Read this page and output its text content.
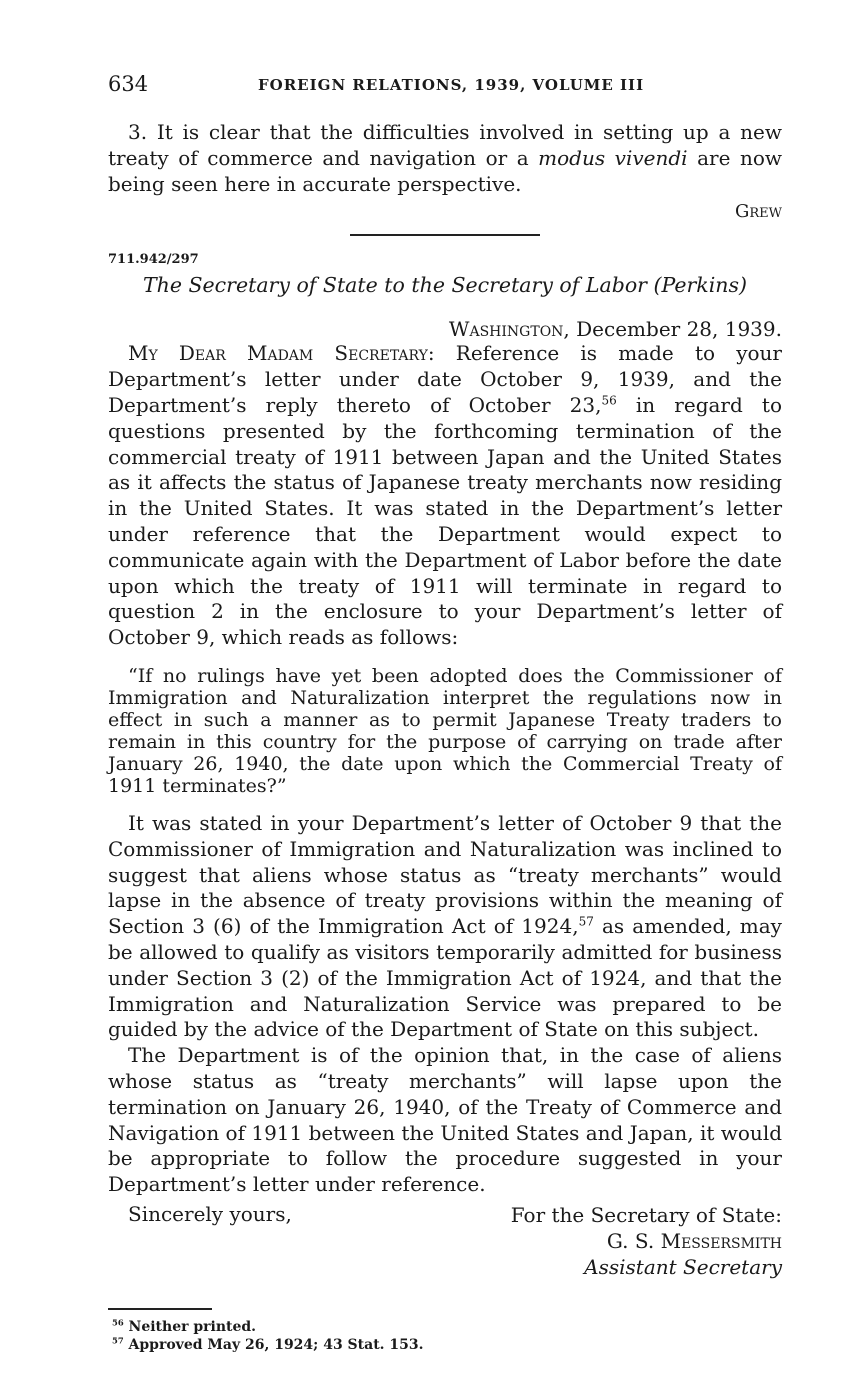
634	FOREIGN RELATIONS, 1939, VOLUME III

3. It is clear that the difficulties involved in setting up a new treaty of commerce and navigation or a modus vivendi are now being seen here in accurate perspective.

Grew
711.942/297
The Secretary of State to the Secretary of Labor (Perkins)
Washington, December 28, 1939.

My Dear Madam Secretary: Reference is made to your Department’s letter under date October 9, 1939, and the Department’s reply thereto of October 23,56 in regard to questions presented by the forthcoming termination of the commercial treaty of 1911 between Japan and the United States as it affects the status of Japanese treaty merchants now residing in the United States. It was stated in the Department’s letter under reference that the Department would expect to communicate again with the Department of Labor before the date upon which the treaty of 1911 will terminate in regard to question 2 in the enclosure to your Department’s letter of October 9, which reads as follows:

“If no rulings have yet been adopted does the Commissioner of Immigration and Naturalization interpret the regulations now in effect in such a manner as to permit Japanese Treaty traders to remain in this country for the purpose of carrying on trade after January 26, 1940, the date upon which the Commercial Treaty of 1911 terminates?”

It was stated in your Department’s letter of October 9 that the Commissioner of Immigration and Naturalization was inclined to suggest that aliens whose status as “treaty merchants” would lapse in the absence of treaty provisions within the meaning of Section 3 (6) of the Immigration Act of 1924,57 as amended, may be allowed to qualify as visitors temporarily admitted for business under Section 3 (2) of the Immigration Act of 1924, and that the Immigration and Naturalization Service was prepared to be guided by the advice of the Department of State on this subject.

The Department is of the opinion that, in the case of aliens whose status as “treaty merchants” will lapse upon the termination on January 26, 1940, of the Treaty of Commerce and Navigation of 1911 between the United States and Japan, it would be appropriate to follow the procedure suggested in your Department’s letter under reference.

Sincerely yours,	For the Secretary of State:
G. S. Messersmith
Assistant Secretary
$^{56}$ Neither printed.
$^{57}$ Approved May 26, 1924; 43 Stat. 153.
